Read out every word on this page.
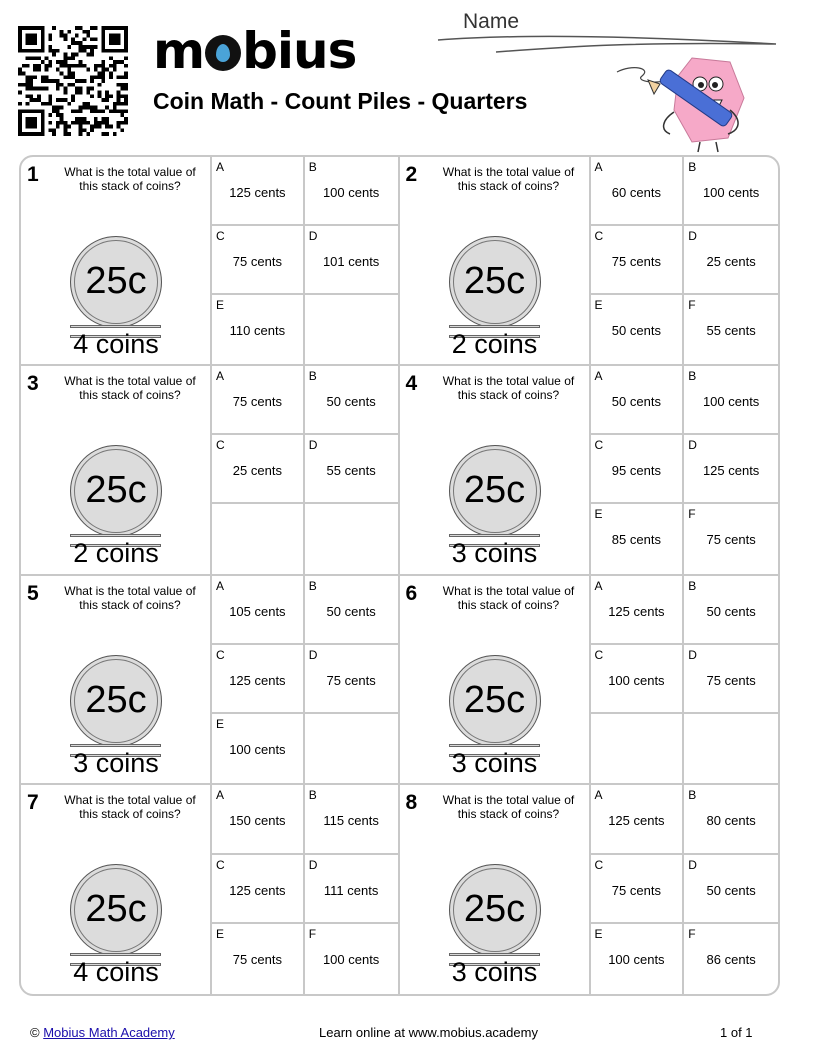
m bius
Coin Math - Count Piles - Quarters
Name
1	What is the total value of this stack of coins?
25c
4 coins
A
125 cents
B
100 cents
C
75 cents
D
101 cents
E
110 cents
2	What is the total value of this stack of coins?
25c
2 coins
A
60 cents
B
100 cents
C
75 cents
D
25 cents
E
50 cents
F
55 cents
3	What is the total value of this stack of coins?
25c
2 coins
A
75 cents
B
50 cents
C
25 cents
D
55 cents
4	What is the total value of this stack of coins?
25c
3 coins
A
50 cents
B
100 cents
C
95 cents
D
125 cents
E
85 cents
F
75 cents
5	What is the total value of this stack of coins?
25c
3 coins
A
105 cents
B
50 cents
C
125 cents
D
75 cents
E
100 cents
6	What is the total value of this stack of coins?
25c
3 coins
A
125 cents
B
50 cents
C
100 cents
D
75 cents
7	What is the total value of this stack of coins?
25c
4 coins
A
150 cents
B
115 cents
C
125 cents
D
111 cents
E
75 cents
F
100 cents
8	What is the total value of this stack of coins?
25c
3 coins
A
125 cents
B
80 cents
C
75 cents
D
50 cents
E
100 cents
F
86 cents
© Mobius Math Academy	Learn online at www.mobius.academy	1 of 1
